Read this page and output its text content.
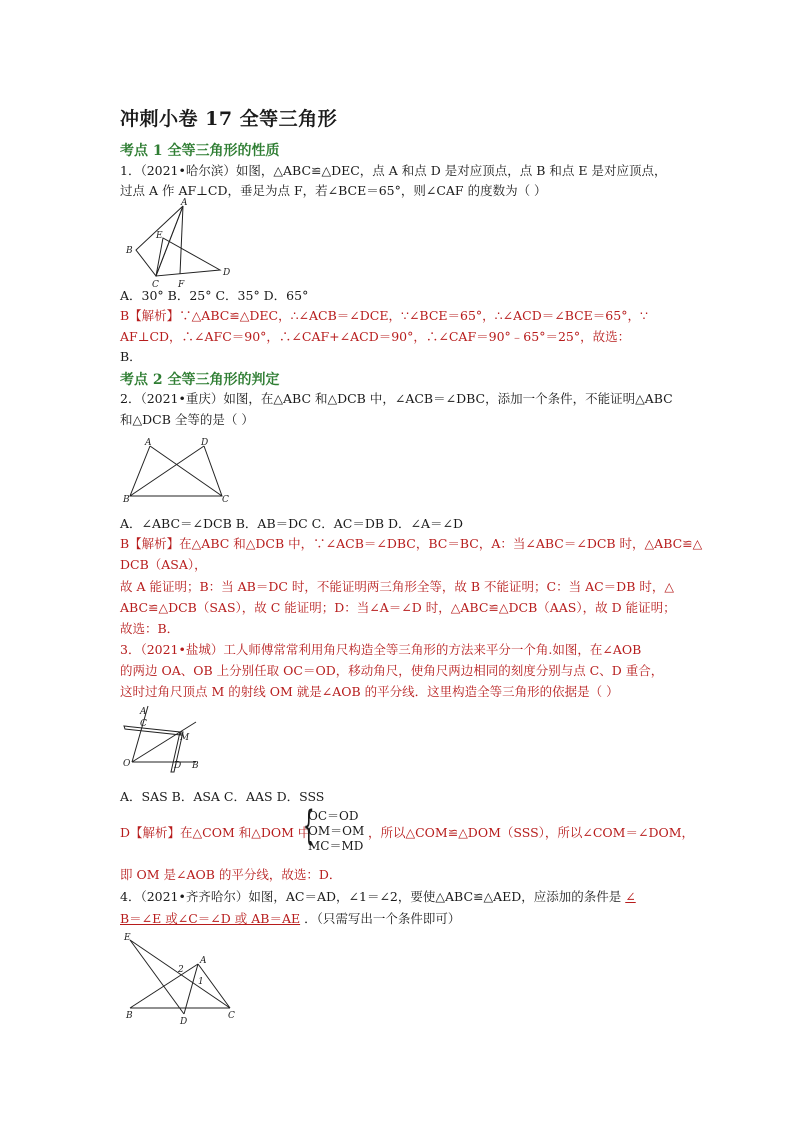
冲刺小卷 17 全等三角形
考点 1 全等三角形的性质
1．（2021•哈尔滨）如图，△ABC≌△DEC，点 A 和点 D 是对应顶点，点 B 和点 E 是对应顶点，
过点 A 作 AF⊥CD，垂足为点 F，若∠BCE＝65°，则∠CAF 的度数为（ ）
A
B
C
D
E
F
A．30° B．25° C．35° D．65°
B【解析】∵△ABC≌△DEC，∴∠ACB＝∠DCE，∵∠BCE＝65°，∴∠ACD＝∠BCE＝65°，∵
AF⊥CD，∴∠AFC＝90°，∴∠CAF+∠ACD＝90°，∴∠CAF＝90°﹣65°＝25°，故选：
B．
考点 2 全等三角形的判定
2．（2021•重庆）如图，在△ABC 和△DCB 中，∠ACB＝∠DBC，添加一个条件，不能证明△ABC
和△DCB 全等的是（ ）
A	D
B	C
A．∠ABC＝∠DCB B．AB＝DC C．AC＝DB D．∠A＝∠D
B【解析】在△ABC 和△DCB 中，∵∠ACB＝∠DBC，BC＝BC，A：当∠ABC＝∠DCB 时，△ABC≌△
DCB（ASA），
故 A 能证明；B：当 AB＝DC 时，不能证明两三角形全等，故 B 不能证明；C：当 AC＝DB 时，△
ABC≌△DCB（SAS），故 C 能证明；D：当∠A＝∠D 时，△ABC≌△DCB（AAS），故 D 能证明；
故选：B．
3．（2021•盐城）工人师傅常常利用角尺构造全等三角形的方法来平分一个角.如图，在∠AOB
的两边 OA、OB 上分别任取 OC＝OD，移动角尺，使角尺两边相同的刻度分别与点 C、D 重合，
这时过角尺顶点 M 的射线 OM 就是∠AOB 的平分线．这里构造全等三角形的依据是（ ）
A
C
M
O	D B
A．SAS B．ASA C．AAS D．SSS
D【解析】在△COM 和△DOM 中
{
OC＝OD
OM＝OM
MC＝MD
，所以△COM≌△DOM（SSS），所以∠COM＝∠DOM，
即 OM 是∠AOB 的平分线，故选：D．
4．（2021•齐齐哈尔）如图，AC＝AD，∠1＝∠2，要使△ABC≌△AED，应添加的条件是 ∠
B＝∠E 或∠C＝∠D 或 AB＝AE ．（只需写出一个条件即可）
E
A
2
1
B
D
C
